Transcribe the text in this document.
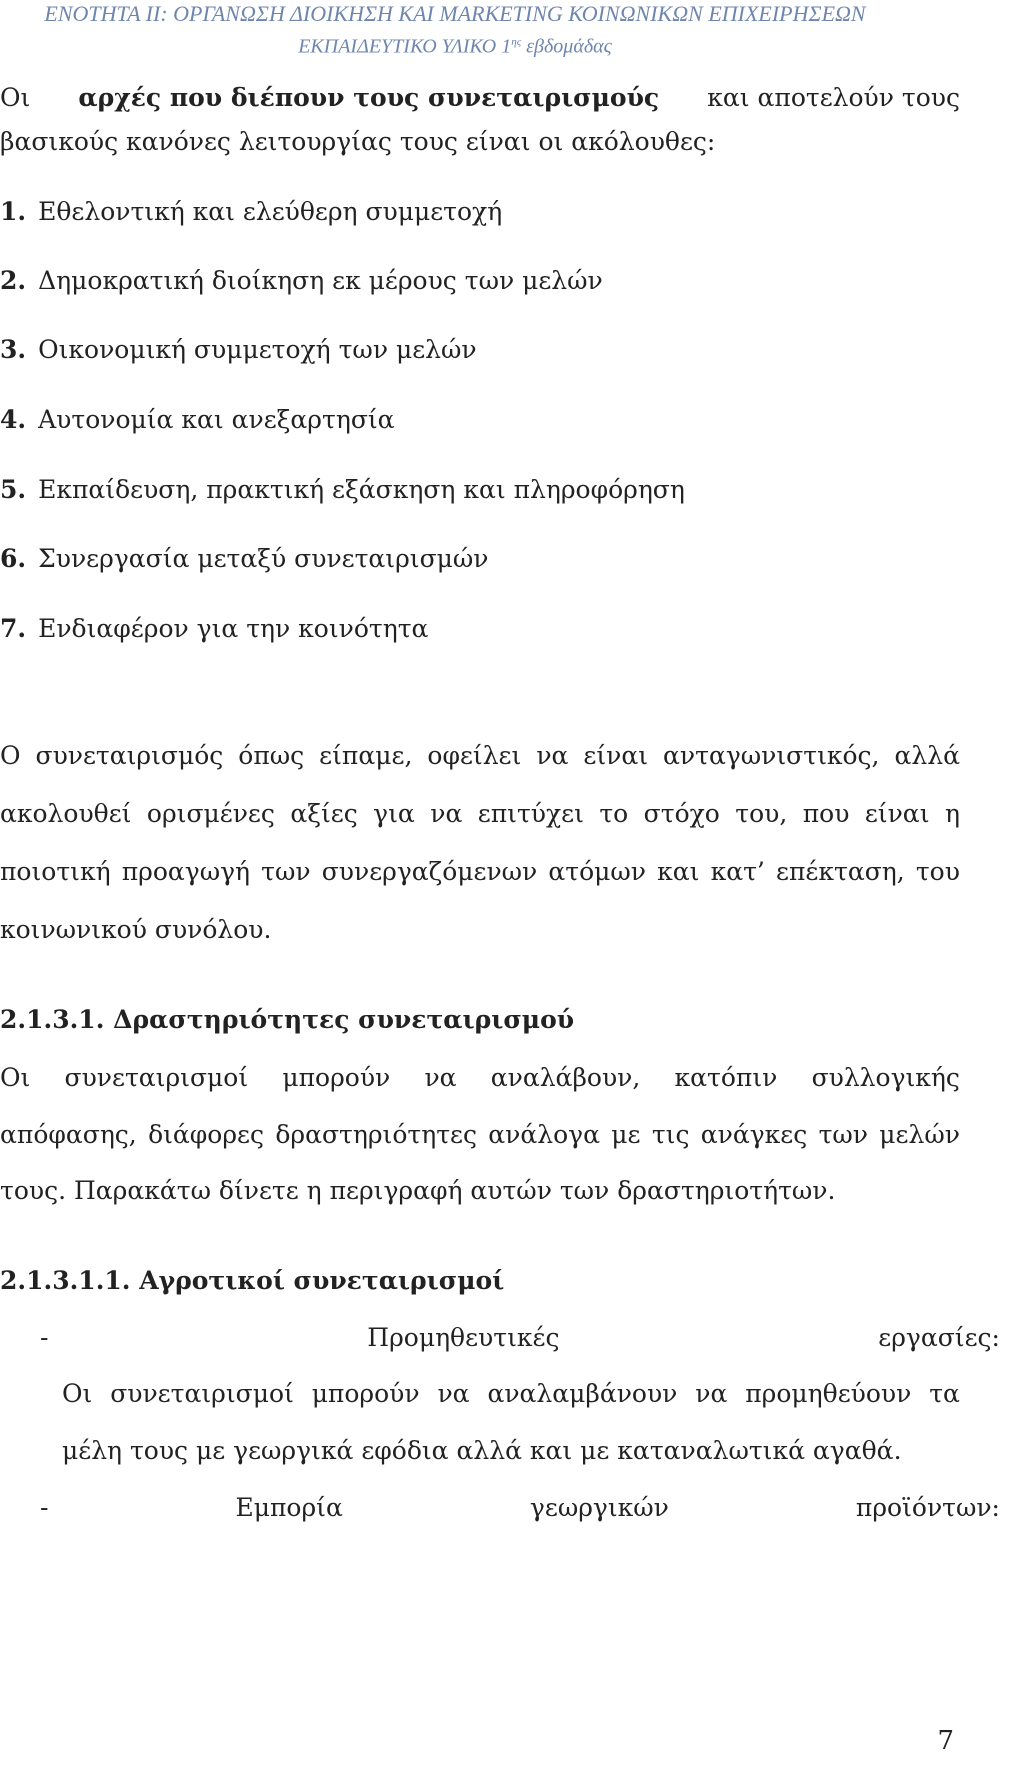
ΕΝΟΤΗΤΑ ΙΙ: ΟΡΓΑΝΩΣΗ ΔΙΟΙΚΗΣΗ ΚΑΙ MARKETING ΚΟΙΝΩΝΙΚΩΝ ΕΠΙΧΕΙΡΗΣΕΩΝ
ΕΚΠΑΙΔΕΥΤΙΚΟ ΥΛΙΚΟ $1^{\eta\varsigma}$ εβδομάδας
Οι αρχές που διέπουν τους συνεταιρισμούς και αποτελούν τους
βασικούς κανόνες λειτουργίας τους είναι οι ακόλουθες:
1. Εθελοντική και ελεύθερη συμμετοχή
2. Δημοκρατική διοίκηση εκ μέρους των μελών
3. Οικονομική συμμετοχή των μελών
4. Αυτονομία και ανεξαρτησία
5. Εκπαίδευση, πρακτική εξάσκηση και πληροφόρηση
6. Συνεργασία μεταξύ συνεταιρισμών
7. Ενδιαφέρον για την κοινότητα
Ο συνεταιρισμός όπως είπαμε, οφείλει να είναι ανταγωνιστικός, αλλά
ακολουθεί ορισμένες αξίες για να επιτύχει το στόχο του, που είναι η
ποιοτική προαγωγή των συνεργαζόμενων ατόμων και κατ’ επέκταση, του
κοινωνικού συνόλου.
2.1.3.1. Δραστηριότητες συνεταιρισμού
Οι συνεταιρισμοί μπορούν να αναλάβουν, κατόπιν συλλογικής
απόφασης, διάφορες δραστηριότητες ανάλογα με τις ανάγκες των μελών
τους. Παρακάτω δίνετε η περιγραφή αυτών των δραστηριοτήτων.
2.1.3.1.1. Αγροτικοί συνεταιρισμοί
-	Προμηθευτικές	εργασίες:
Οι συνεταιρισμοί μπορούν να αναλαμβάνουν να προμηθεύουν τα
μέλη τους με γεωργικά εφόδια αλλά και με καταναλωτικά αγαθά.
-	Εμπορία	γεωργικών	προϊόντων:
7
